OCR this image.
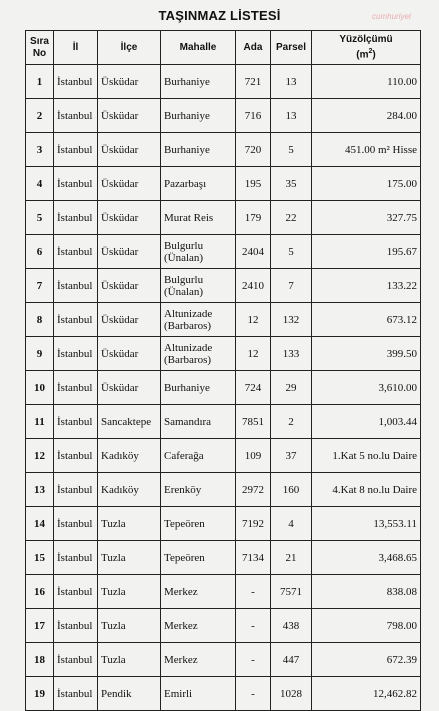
TAŞINMAZ LİSTESİ	cumhuriyet
Sıra No	İl	İlçe	Mahalle	Ada	Parsel	Yüzölçümü
$(m^2)$
1	İstanbul	Üsküdar	Burhaniye	721	13	110.00
2	İstanbul	Üsküdar	Burhaniye	716	13	284.00
3	İstanbul	Üsküdar	Burhaniye	720	5	451.00 m² Hisse
4	İstanbul	Üsküdar	Pazarbaşı	195	35	175.00
5	İstanbul	Üsküdar	Murat Reis	179	22	327.75
6	İstanbul	Üsküdar	Bulgurlu (Ünalan)	2404	5	195.67
7	İstanbul	Üsküdar	Bulgurlu (Ünalan)	2410	7	133.22
8	İstanbul	Üsküdar	Altunizade (Barbaros)	12	132	673.12
9	İstanbul	Üsküdar	Altunizade (Barbaros)	12	133	399.50
10	İstanbul	Üsküdar	Burhaniye	724	29	3,610.00
11	İstanbul	Sancaktepe	Samandıra	7851	2	1,003.44
12	İstanbul	Kadıköy	Caferağa	109	37	1.Kat 5 no.lu Daire
13	İstanbul	Kadıköy	Erenköy	2972	160	4.Kat 8 no.lu Daire
14	İstanbul	Tuzla	Tepeören	7192	4	13,553.11
15	İstanbul	Tuzla	Tepeören	7134	21	3,468.65
16	İstanbul	Tuzla	Merkez	-	7571	838.08
17	İstanbul	Tuzla	Merkez	-	438	798.00
18	İstanbul	Tuzla	Merkez	-	447	672.39
19	İstanbul	Pendik	Emirli	-	1028	12,462.82
